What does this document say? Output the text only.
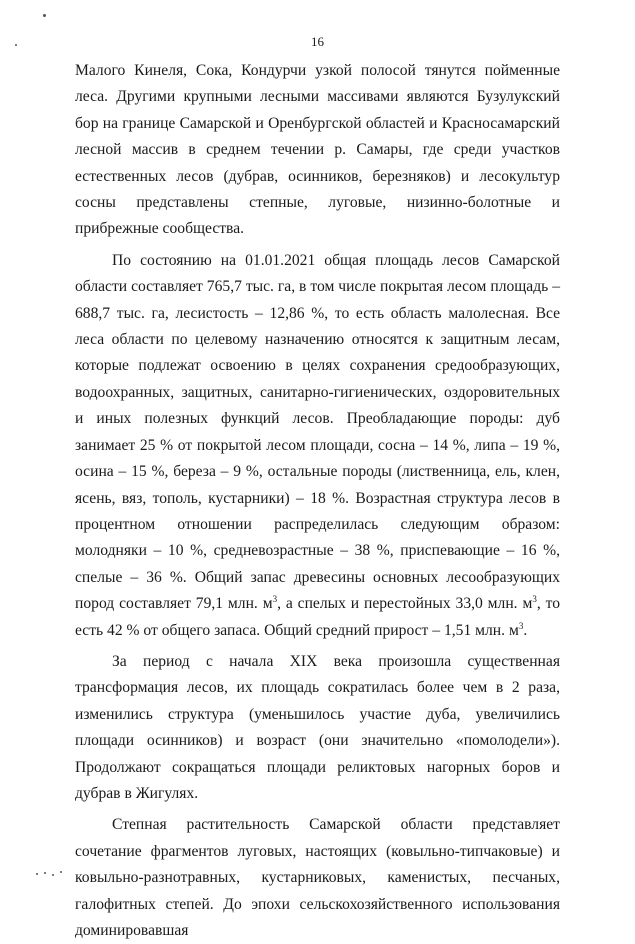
16

Малого Кинеля, Сока, Кондурчи узкой полосой тянутся пойменные леса. Другими крупными лесными массивами являются Бузулукский бор на границе Самарской и Оренбургской областей и Красносамарский лесной массив в среднем течении р. Самары, где среди участков естественных лесов (дубрав, осинников, березняков) и лесокультур сосны представлены степные, луговые, низинно-болотные и прибрежные сообщества.

По состоянию на 01.01.2021 общая площадь лесов Самарской области составляет 765,7 тыс. га, в том числе покрытая лесом площадь – 688,7 тыс. га, лесистость – 12,86 %, то есть область малолесная. Все леса области по целевому назначению относятся к защитным лесам, которые подлежат освоению в целях сохранения средообразующих, водоохранных, защитных, санитарно-гигиенических, оздоровительных и иных полезных функций лесов. Преобладающие породы: дуб занимает 25 % от покрытой лесом площади, сосна – 14 %, липа – 19 %, осина – 15 %, береза – 9 %, остальные породы (лиственница, ель, клен, ясень, вяз, тополь, кустарники) – 18 %. Возрастная структура лесов в процентном отношении распределилась следующим образом: молодняки – 10 %, средневозрастные – 38 %, приспевающие – 16 %, спелые – 36 %. Общий запас древесины основных лесообразующих пород составляет 79,1 млн. $м^3$, а спелых и перестойных 33,0 млн. $м^3$, то есть 42 % от общего запаса. Общий средний прирост – 1,51 млн. $м^3$.

За период с начала XIX века произошла существенная трансформация лесов, их площадь сократилась более чем в 2 раза, изменились структура (уменьшилось участие дуба, увеличились площади осинников) и возраст (они значительно «помолодели»). Продолжают сокращаться площади реликтовых нагорных боров и дубрав в Жигулях.

Степная растительность Самарской области представляет сочетание фрагментов луговых, настоящих (ковыльно-типчаковые) и ковыльно-разнотравных, кустарниковых, каменистых, песчаных, галофитных степей. До эпохи сельскохозяйственного использования доминировавшая
